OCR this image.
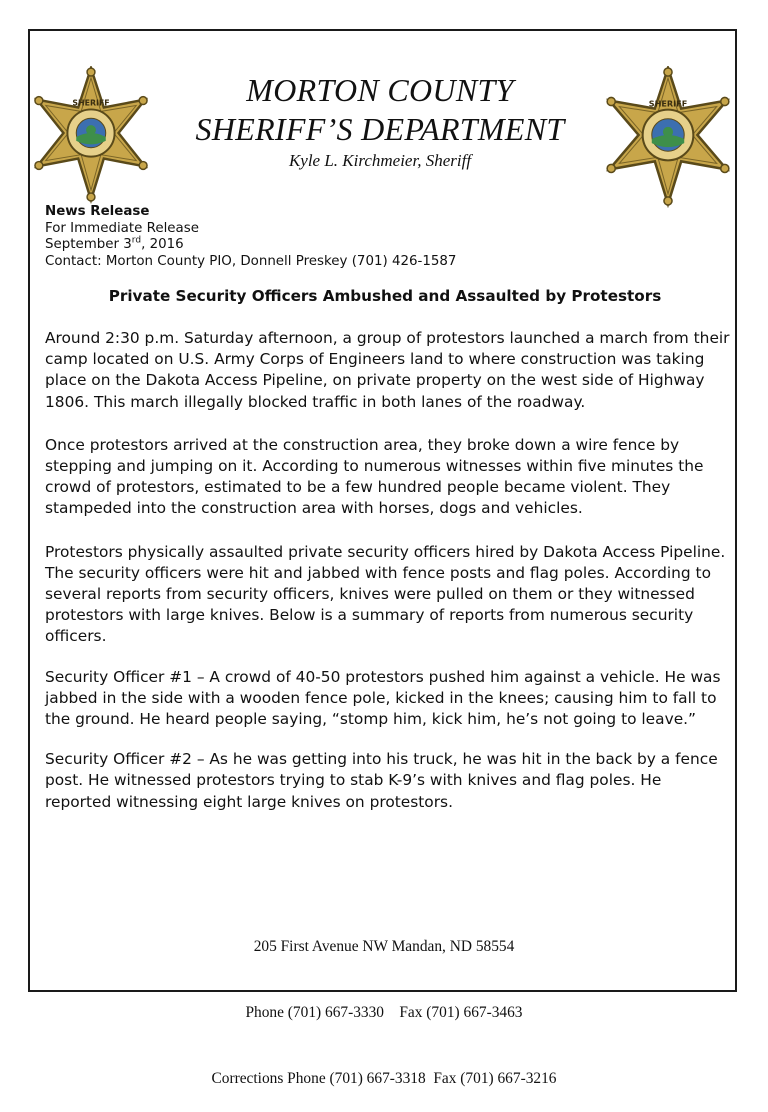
SHERIFF	SHERIFF
MORTON COUNTY
SHERIFF’S DEPARTMENT
Kyle L. Kirchmeier, Sheriff
News Release
For Immediate Release
September 3rd, 2016
Contact: Morton County PIO, Donnell Preskey (701) 426-1587
Private Security Officers Ambushed and Assaulted by Protestors

Around 2:30 p.m. Saturday afternoon, a group of protestors launched a march from their camp located on U.S. Army Corps of Engineers land to where construction was taking place on the Dakota Access Pipeline, on private property on the west side of Highway 1806. This march illegally blocked traffic in both lanes of the roadway.

Once protestors arrived at the construction area, they broke down a wire fence by stepping and jumping on it. According to numerous witnesses within five minutes the crowd of protestors, estimated to be a few hundred people became violent. They stampeded into the construction area with horses, dogs and vehicles.

Protestors physically assaulted private security officers hired by Dakota Access Pipeline. The security officers were hit and jabbed with fence posts and flag poles. According to several reports from security officers, knives were pulled on them or they witnessed protestors with large knives. Below is a summary of reports from numerous security officers.

Security Officer #1 – A crowd of 40-50 protestors pushed him against a vehicle. He was jabbed in the side with a wooden fence pole, kicked in the knees; causing him to fall to the ground. He heard people saying, “stomp him, kick him, he’s not going to leave.”

Security Officer #2 – As he was getting into his truck, he was hit in the back by a fence post. He witnessed protestors trying to stab K-9’s with knives and flag poles. He reported witnessing eight large knives on protestors.

205 First Avenue NW Mandan, ND 58554

Phone (701) 667-3330    Fax (701) 667-3463

Corrections Phone (701) 667-3318  Fax (701) 667-3216
